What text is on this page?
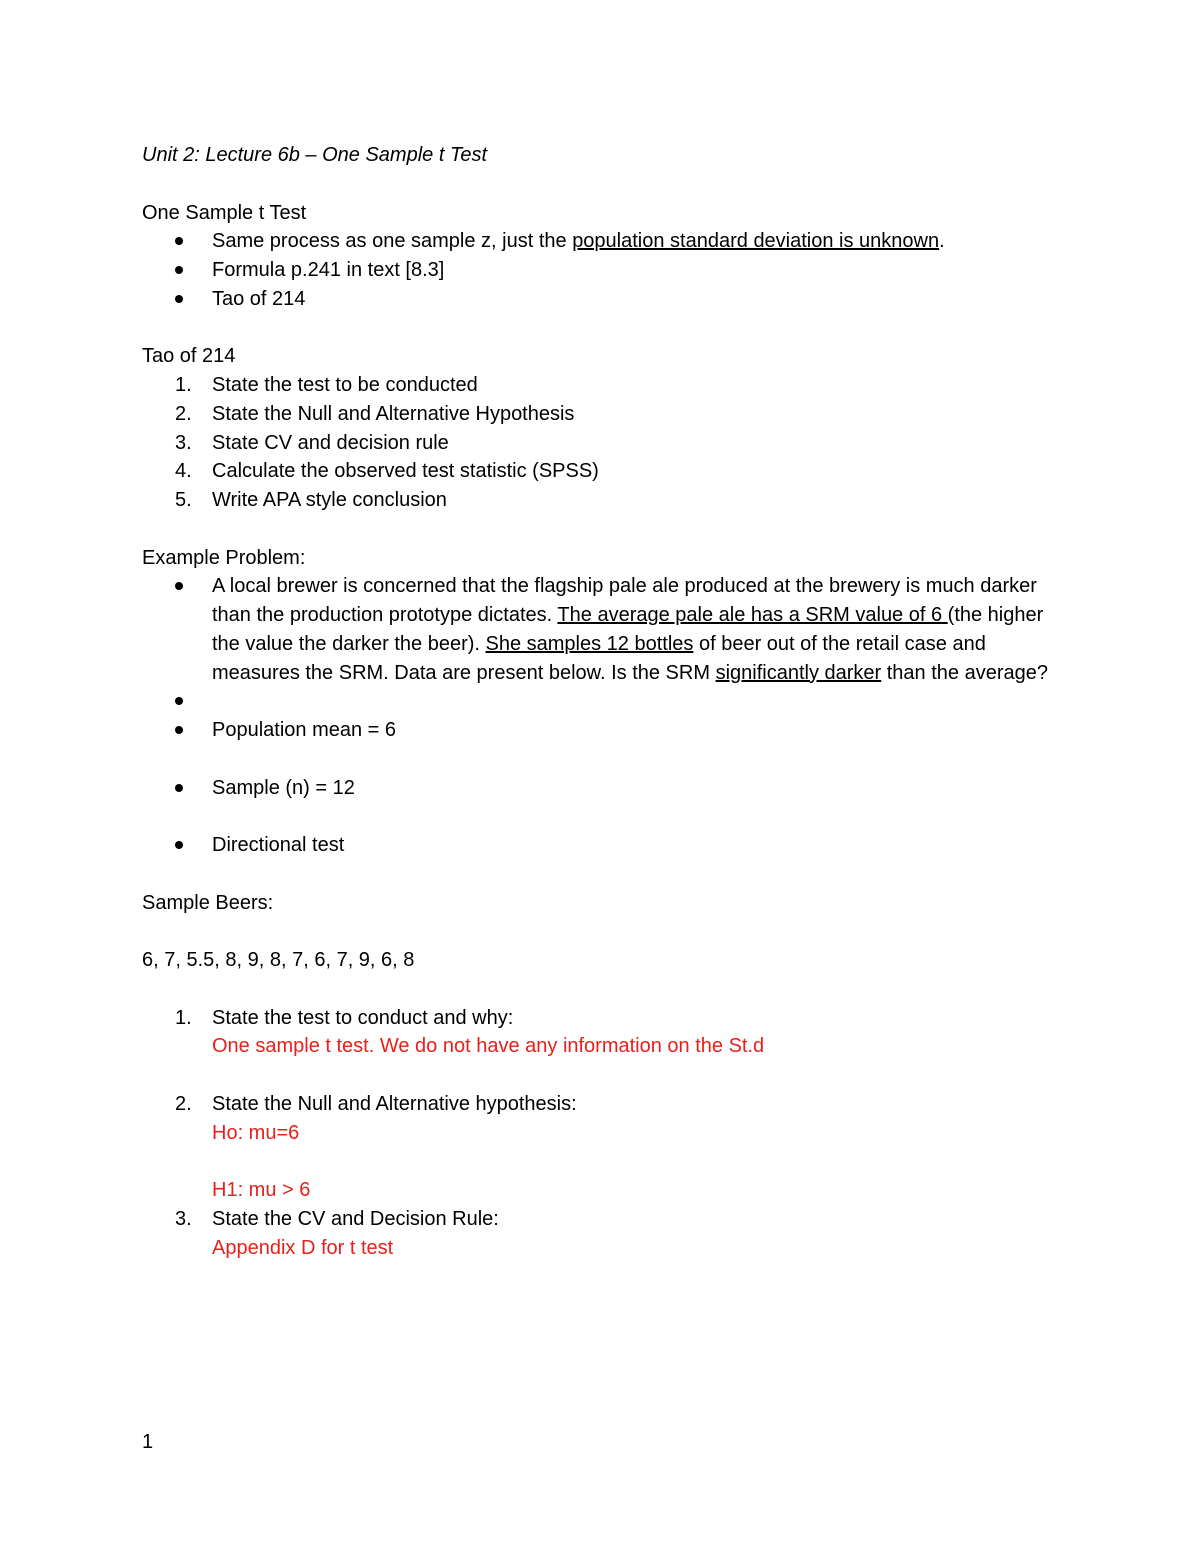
Unit 2: Lecture 6b – One Sample t Test

One Sample t Test

Same process as one sample z, just the population standard deviation is unknown.
Formula p.241 in text [8.3]
Tao of 214

Tao of 214

1. State the test to be conducted
2. State the Null and Alternative Hypothesis
3. State CV and decision rule
4. Calculate the observed test statistic (SPSS)
5. Write APA style conclusion

Example Problem:

A local brewer is concerned that the flagship pale ale produced at the brewery is much darker than the production prototype dictates. The average pale ale has a SRM value of 6 (the higher the value the darker the beer). She samples 12 bottles of beer out of the retail case and measures the SRM. Data are present below. Is the SRM significantly darker than the average?
Population mean = 6
Sample (n) = 12
Directional test

Sample Beers:

6, 7, 5.5, 8, 9, 8, 7, 6, 7, 9, 6, 8

1. State the test to conduct and why:
One sample t test. We do not have any information on the St.d
2. State the Null and Alternative hypothesis:
Ho: mu=6
H1: mu > 6
3. State the CV and Decision Rule:
Appendix D for t test
1
